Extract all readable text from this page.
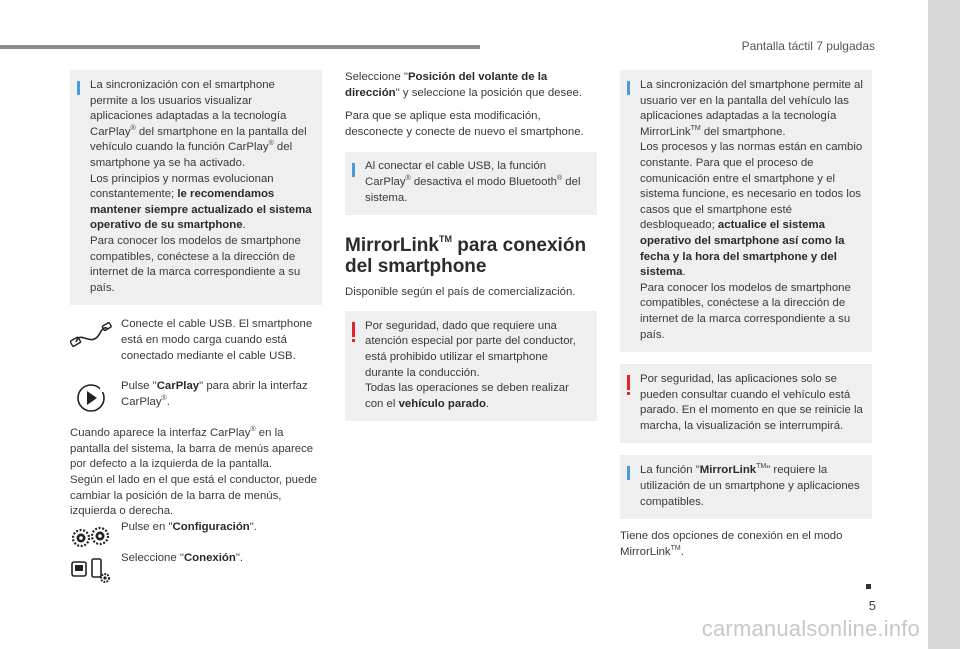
Pantalla táctil 7 pulgadas
5
carmanualsonline.info
La sincronización con el smartphone permite a los usuarios visualizar aplicaciones adaptadas a la tecnología CarPlay® del smartphone en la pantalla del vehículo cuando la función CarPlay® del smartphone ya se ha activado.
Los principios y normas evolucionan constantemente; le recomendamos mantener siempre actualizado el sistema operativo de su smartphone.
Para conocer los modelos de smartphone compatibles, conéctese a la dirección de internet de la marca correspondiente a su país.

Conecte el cable USB. El smartphone está en modo carga cuando está conectado mediante el cable USB.

Pulse "CarPlay" para abrir la interfaz CarPlay®.

Cuando aparece la interfaz CarPlay® en la pantalla del sistema, la barra de menús aparece por defecto a la izquierda de la pantalla.
Según el lado en el que está el conductor, puede cambiar la posición de la barra de menús, izquierda o derecha.

Pulse en "Configuración".

Seleccione "Conexión".

Seleccione "Posición del volante de la dirección" y seleccione la posición que desee.

Para que se aplique esta modificación, desconecte y conecte de nuevo el smartphone.

Al conectar el cable USB, la función CarPlay® desactiva el modo Bluetooth® del sistema.
MirrorLink™ para conexión del smartphone

Disponible según el país de comercialización.

Por seguridad, dado que requiere una atención especial por parte del conductor, está prohibido utilizar el smartphone durante la conducción.
Todas las operaciones se deben realizar con el vehículo parado.
La sincronización del smartphone permite al usuario ver en la pantalla del vehículo las aplicaciones adaptadas a la tecnología MirrorLink™ del smartphone.
Los procesos y las normas están en cambio constante. Para que el proceso de comunicación entre el smartphone y el sistema funcione, es necesario en todos los casos que el smartphone esté desbloqueado; actualice el sistema operativo del smartphone así como la fecha y la hora del smartphone y del sistema.
Para conocer los modelos de smartphone compatibles, conéctese a la dirección de internet de la marca correspondiente a su país.
Por seguridad, las aplicaciones solo se pueden consultar cuando el vehículo está parado. En el momento en que se reinicie la marcha, la visualización se interrumpirá.
La función "MirrorLink™" requiere la utilización de un smartphone y aplicaciones compatibles.

Tiene dos opciones de conexión en el modo MirrorLink™.
